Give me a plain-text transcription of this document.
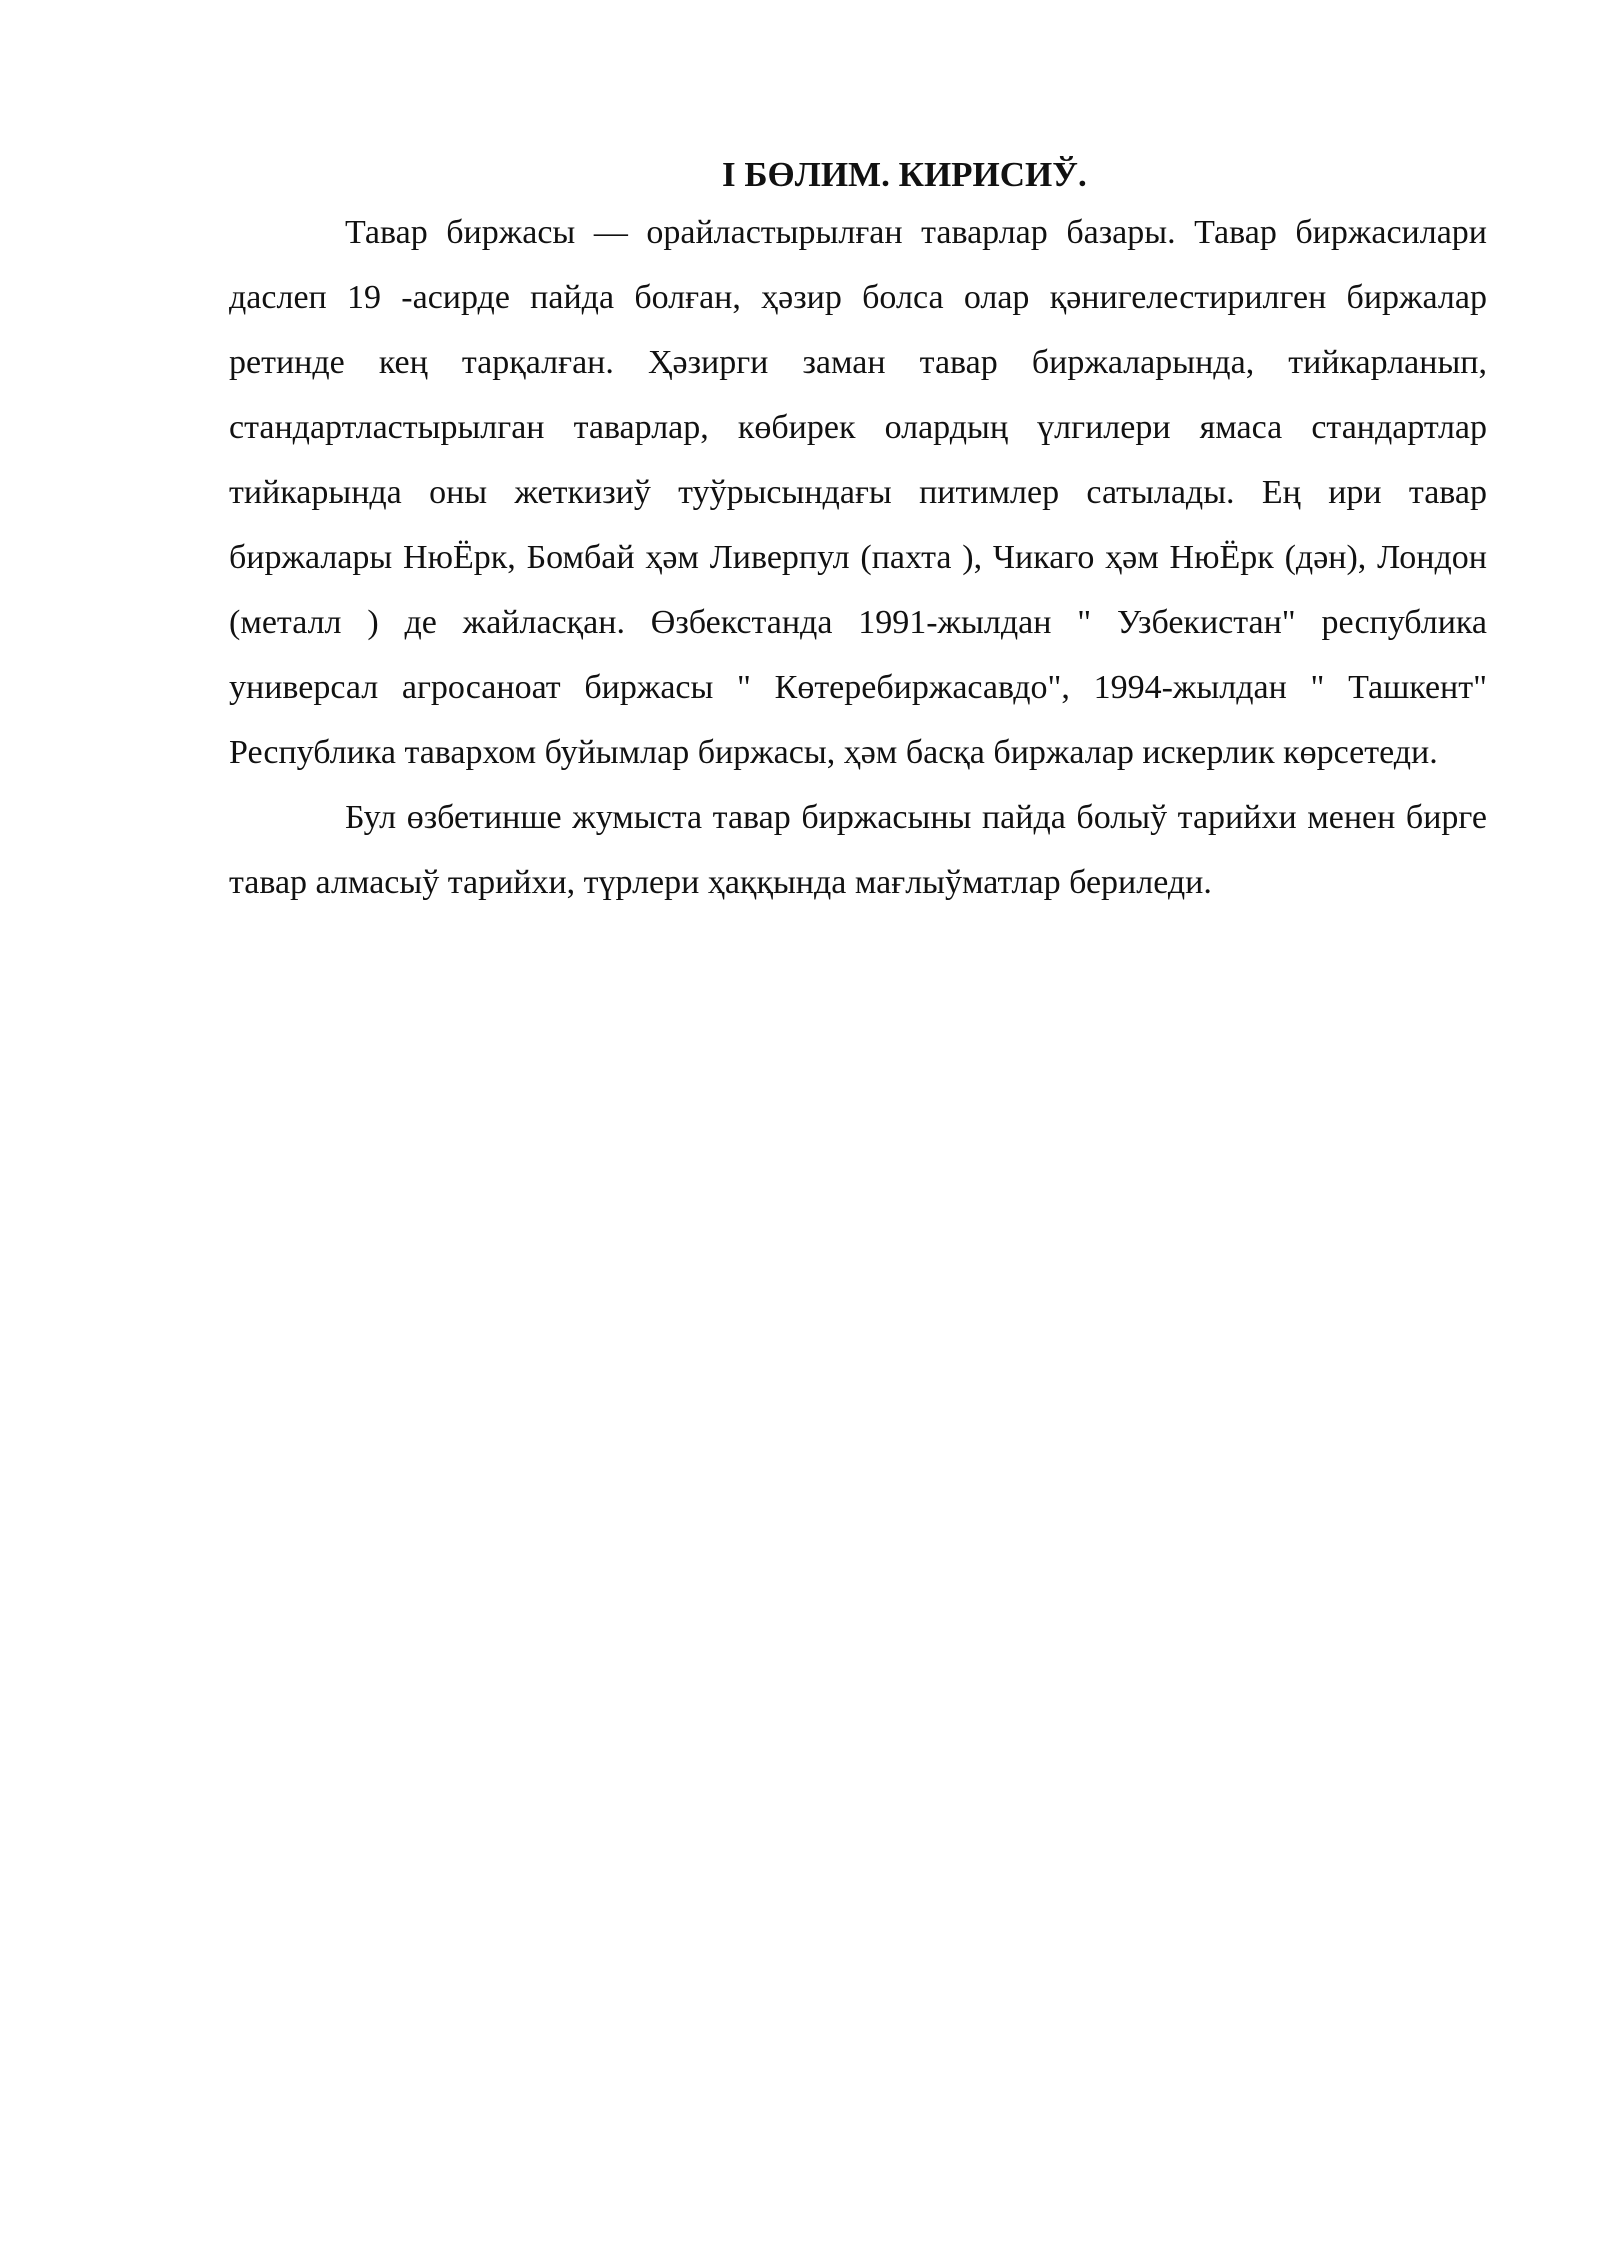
I БӨЛИМ. КИРИСИЎ.

Тавар биржасы — орайластырылған таварлар базары. Тавар биржасилари даслеп 19 -асирде пайда болған, ҳәзир болса олар қәнигелестирилген биржалар ретинде кең тарқалған. Ҳәзирги заман тавар биржаларында, тийкарланып, стандартластырылган таварлар, көбирек олардың үлгилери ямаса стандартлар тийкарында оны жеткизиў туўрысындағы питимлер сатылады. Ең ири тавар биржалары НюЁрк, Бомбай ҳәм Ливерпул (пахта ), Чикаго ҳәм НюЁрк (дән), Лондон (металл ) де жайласқан. Өзбекстанда 1991-жылдан " Узбекистан" республика универсал агросаноат биржасы " Көтеребиржасавдо", 1994-жылдан " Ташкент" Республика тавархом буйымлар биржасы, ҳәм басқа биржалар искерлик көрсетеди.

Бул өзбетинше жумыста тавар биржасыны пайда болыў тарийхи менен бирге тавар алмасыў тарийхи, түрлери ҳаққында мағлыўматлар бериледи.
